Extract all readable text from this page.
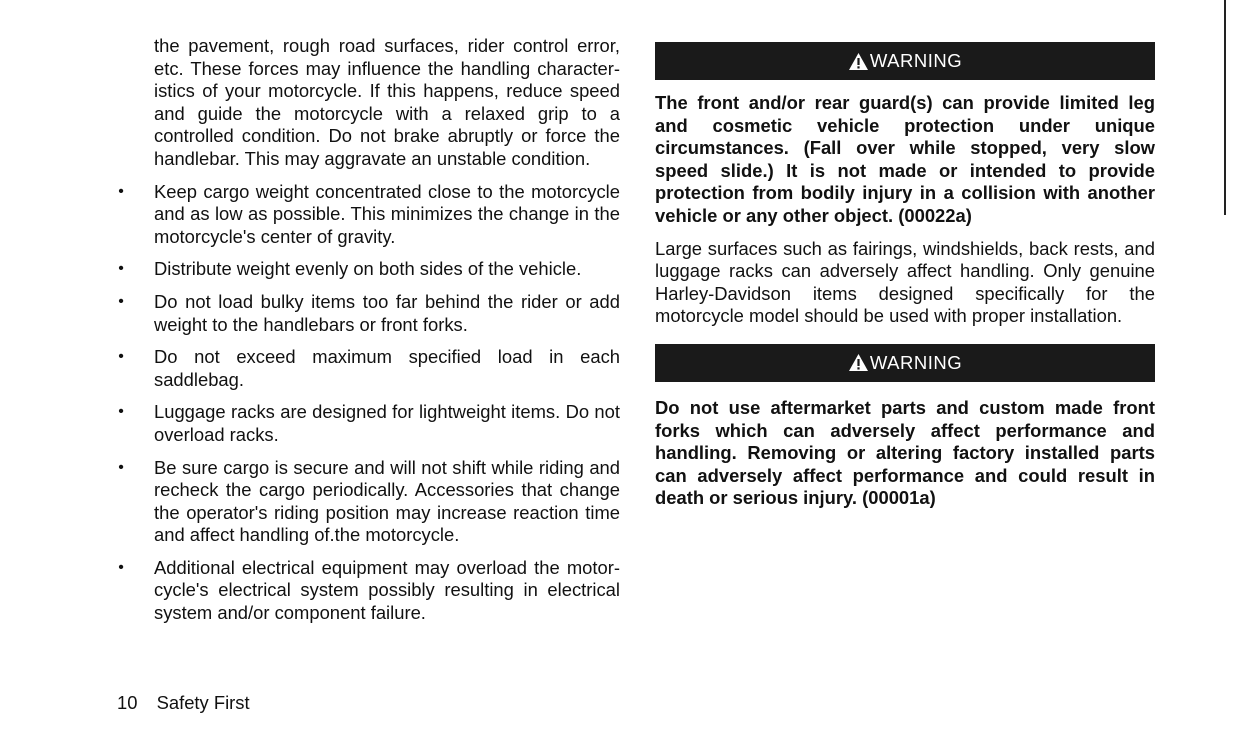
the pavement, rough road surfaces, rider control error, etc. These forces may influence the handling character-istics of your motorcycle. If this happens, reduce speed and guide the motorcycle with a relaxed grip to a controlled condition. Do not brake abruptly or force the handlebar. This may aggravate an unstable condition.

• Keep cargo weight concentrated close to the motorcycle and as low as possible. This minimizes the change in the motorcycle's center of gravity.
• Distribute weight evenly on both sides of the vehicle.
• Do not load bulky items too far behind the rider or add weight to the handlebars or front forks.
• Do not exceed maximum specified load in each saddlebag.
• Luggage racks are designed for lightweight items. Do not overload racks.
• Be sure cargo is secure and will not shift while riding and recheck the cargo periodically. Accessories that change the operator's riding position may increase reaction time and affect handling of.the motorcycle.
• Additional electrical equipment may overload the motor-cycle's electrical system possibly resulting in electrical system and/or component failure.
WARNING

The front and/or rear guard(s) can provide limited leg and cosmetic vehicle protection under unique circumstances. (Fall over while stopped, very slow speed slide.) It is not made or intended to provide protection from bodily injury in a collision with another vehicle or any other object. (00022a)

Large surfaces such as fairings, windshields, back rests, and luggage racks can adversely affect handling. Only genuine Harley-Davidson items designed specifically for the motorcycle model should be used with proper installation.

WARNING

Do not use aftermarket parts and custom made front forks which can adversely affect performance and handling. Removing or altering factory installed parts can adversely affect performance and could result in death or serious injury. (00001a)

10 Safety First
